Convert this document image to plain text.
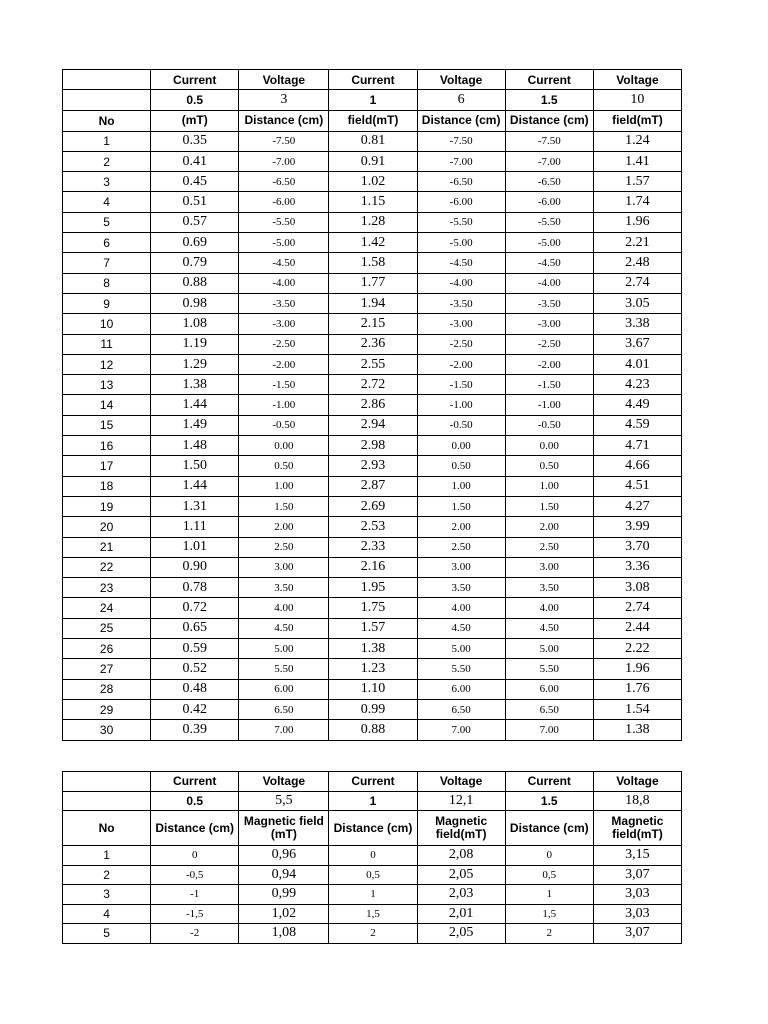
	Current	Voltage	Current	Voltage	Current	Voltage
	0.5	3	1	6	1.5	10
No	(mT)	Distance (cm)	field(mT)	Distance (cm)	Distance (cm)	field(mT)
1	0.35	-7.50	0.81	-7.50	-7.50	1.24
2	0.41	-7.00	0.91	-7.00	-7.00	1.41
3	0.45	-6.50	1.02	-6.50	-6.50	1.57
4	0.51	-6.00	1.15	-6.00	-6.00	1.74
5	0.57	-5.50	1.28	-5.50	-5.50	1.96
6	0.69	-5.00	1.42	-5.00	-5.00	2.21
7	0.79	-4.50	1.58	-4.50	-4.50	2.48
8	0.88	-4.00	1.77	-4.00	-4.00	2.74
9	0.98	-3.50	1.94	-3.50	-3.50	3.05
10	1.08	-3.00	2.15	-3.00	-3.00	3.38
11	1.19	-2.50	2.36	-2.50	-2.50	3.67
12	1.29	-2.00	2.55	-2.00	-2.00	4.01
13	1.38	-1.50	2.72	-1.50	-1.50	4.23
14	1.44	-1.00	2.86	-1.00	-1.00	4.49
15	1.49	-0.50	2.94	-0.50	-0.50	4.59
16	1.48	0.00	2.98	0.00	0.00	4.71
17	1.50	0.50	2.93	0.50	0.50	4.66
18	1.44	1.00	2.87	1.00	1.00	4.51
19	1.31	1.50	2.69	1.50	1.50	4.27
20	1.11	2.00	2.53	2.00	2.00	3.99
21	1.01	2.50	2.33	2.50	2.50	3.70
22	0.90	3.00	2.16	3.00	3.00	3.36
23	0.78	3.50	1.95	3.50	3.50	3.08
24	0.72	4.00	1.75	4.00	4.00	2.74
25	0.65	4.50	1.57	4.50	4.50	2.44
26	0.59	5.00	1.38	5.00	5.00	2.22
27	0.52	5.50	1.23	5.50	5.50	1.96
28	0.48	6.00	1.10	6.00	6.00	1.76
29	0.42	6.50	0.99	6.50	6.50	1.54
30	0.39	7.00	0.88	7.00	7.00	1.38
	Current	Voltage	Current	Voltage	Current	Voltage
	0.5	5,5	1	12,1	1.5	18,8
No	Distance (cm)	Magnetic field (mT)	Distance (cm)	Magnetic field(mT)	Distance (cm)	Magnetic field(mT)
1	0	0,96	0	2,08	0	3,15
2	-0,5	0,94	0,5	2,05	0,5	3,07
3	-1	0,99	1	2,03	1	3,03
4	-1,5	1,02	1,5	2,01	1,5	3,03
5	-2	1,08	2	2,05	2	3,07
